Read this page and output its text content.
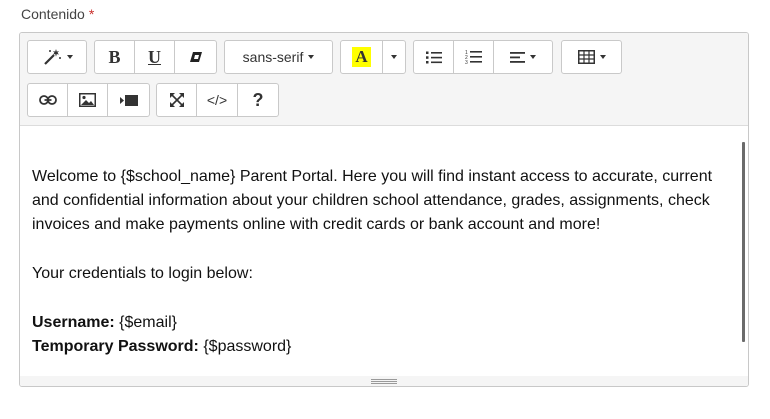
Contenido *
B U	sans-serif	A	1
2
3
</> ?

Welcome to {$school_name} Parent Portal. Here you will find instant access to accurate, current and confidential information about your children school attendance, grades, assignments, check invoices and make payments online with credit cards or bank account and more!

Your credentials to login below:

Username: {$email}

Temporary Password: {$password}
